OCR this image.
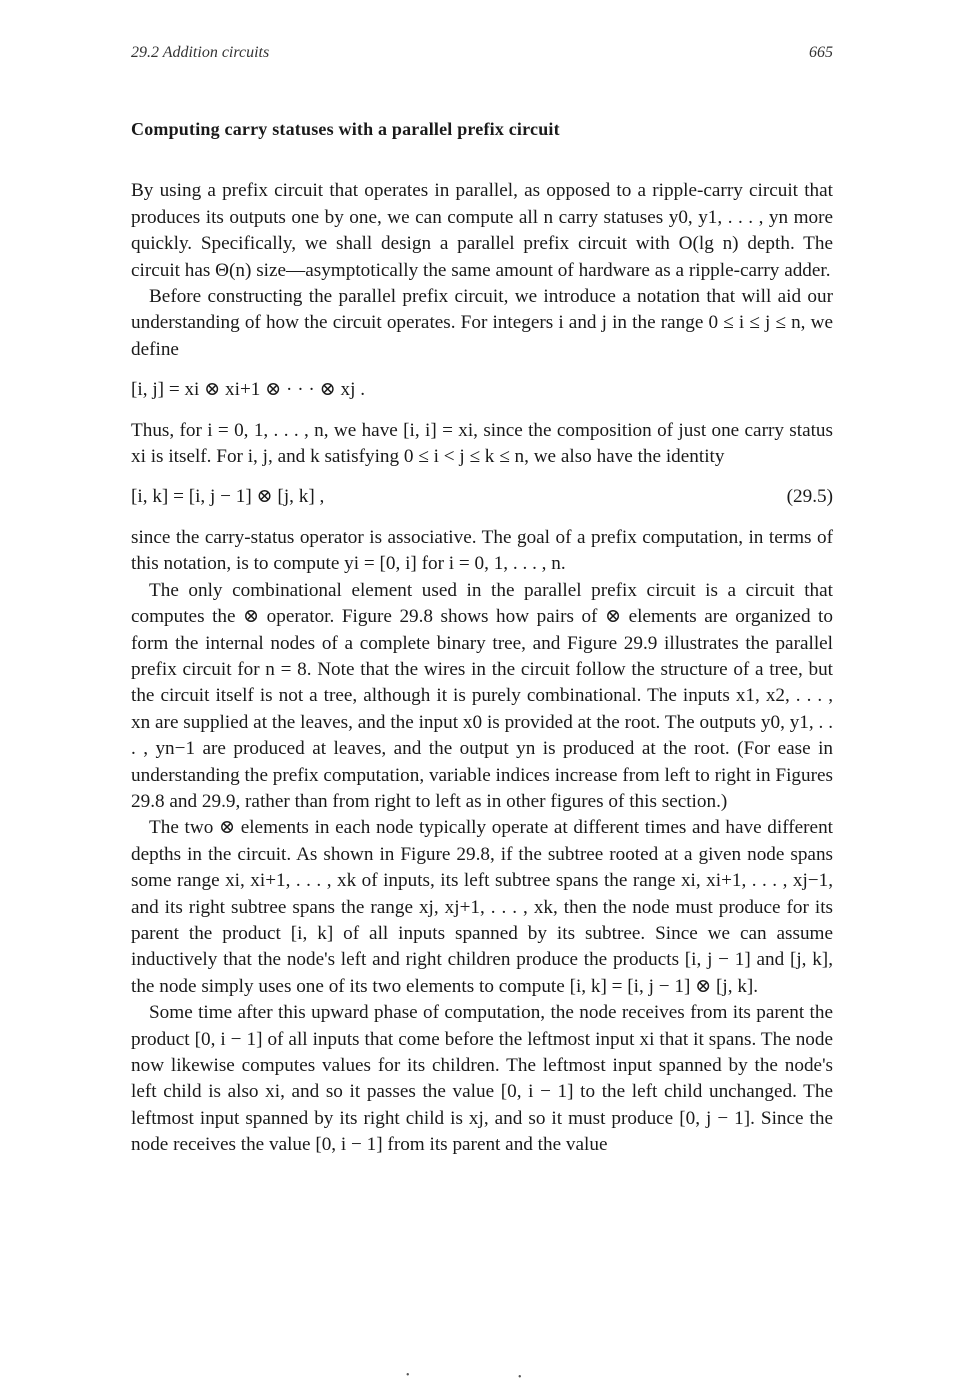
29.2 Addition circuits	665
Computing carry statuses with a parallel prefix circuit

By using a prefix circuit that operates in parallel, as opposed to a ripple-carry circuit that produces its outputs one by one, we can compute all n carry statuses y0, y1, . . . , yn more quickly. Specifically, we shall design a parallel prefix circuit with O(lg n) depth. The circuit has Θ(n) size—asymptotically the same amount of hardware as a ripple-carry adder.

Before constructing the parallel prefix circuit, we introduce a notation that will aid our understanding of how the circuit operates. For integers i and j in the range 0 ≤ i ≤ j ≤ n, we define

[i, j] = xi ⊗ xi+1 ⊗ · · · ⊗ xj .

Thus, for i = 0, 1, . . . , n, we have [i, i] = xi, since the composition of just one carry status xi is itself. For i, j, and k satisfying 0 ≤ i < j ≤ k ≤ n, we also have the identity

[i, k] = [i, j − 1] ⊗ [j, k] ,	(29.5)

since the carry-status operator is associative. The goal of a prefix computation, in terms of this notation, is to compute yi = [0, i] for i = 0, 1, . . . , n.

The only combinational element used in the parallel prefix circuit is a circuit that computes the ⊗ operator. Figure 29.8 shows how pairs of ⊗ elements are organized to form the internal nodes of a complete binary tree, and Figure 29.9 illustrates the parallel prefix circuit for n = 8. Note that the wires in the circuit follow the structure of a tree, but the circuit itself is not a tree, although it is purely combinational. The inputs x1, x2, . . . , xn are supplied at the leaves, and the input x0 is provided at the root. The outputs y0, y1, . . . , yn−1 are produced at leaves, and the output yn is produced at the root. (For ease in understanding the prefix computation, variable indices increase from left to right in Figures 29.8 and 29.9, rather than from right to left as in other figures of this section.)

The two ⊗ elements in each node typically operate at different times and have different depths in the circuit. As shown in Figure 29.8, if the subtree rooted at a given node spans some range xi, xi+1, . . . , xk of inputs, its left subtree spans the range xi, xi+1, . . . , xj−1, and its right subtree spans the range xj, xj+1, . . . , xk, then the node must produce for its parent the product [i, k] of all inputs spanned by its subtree. Since we can assume inductively that the node's left and right children produce the products [i, j − 1] and [j, k], the node simply uses one of its two elements to compute [i, k] = [i, j − 1] ⊗ [j, k].

Some time after this upward phase of computation, the node receives from its parent the product [0, i − 1] of all inputs that come before the leftmost input xi that it spans. The node now likewise computes values for its children. The leftmost input spanned by the node's left child is also xi, and so it passes the value [0, i − 1] to the left child unchanged. The leftmost input spanned by its right child is xj, and so it must produce [0, j − 1]. Since the node receives the value [0, i − 1] from its parent and the value

•	•
